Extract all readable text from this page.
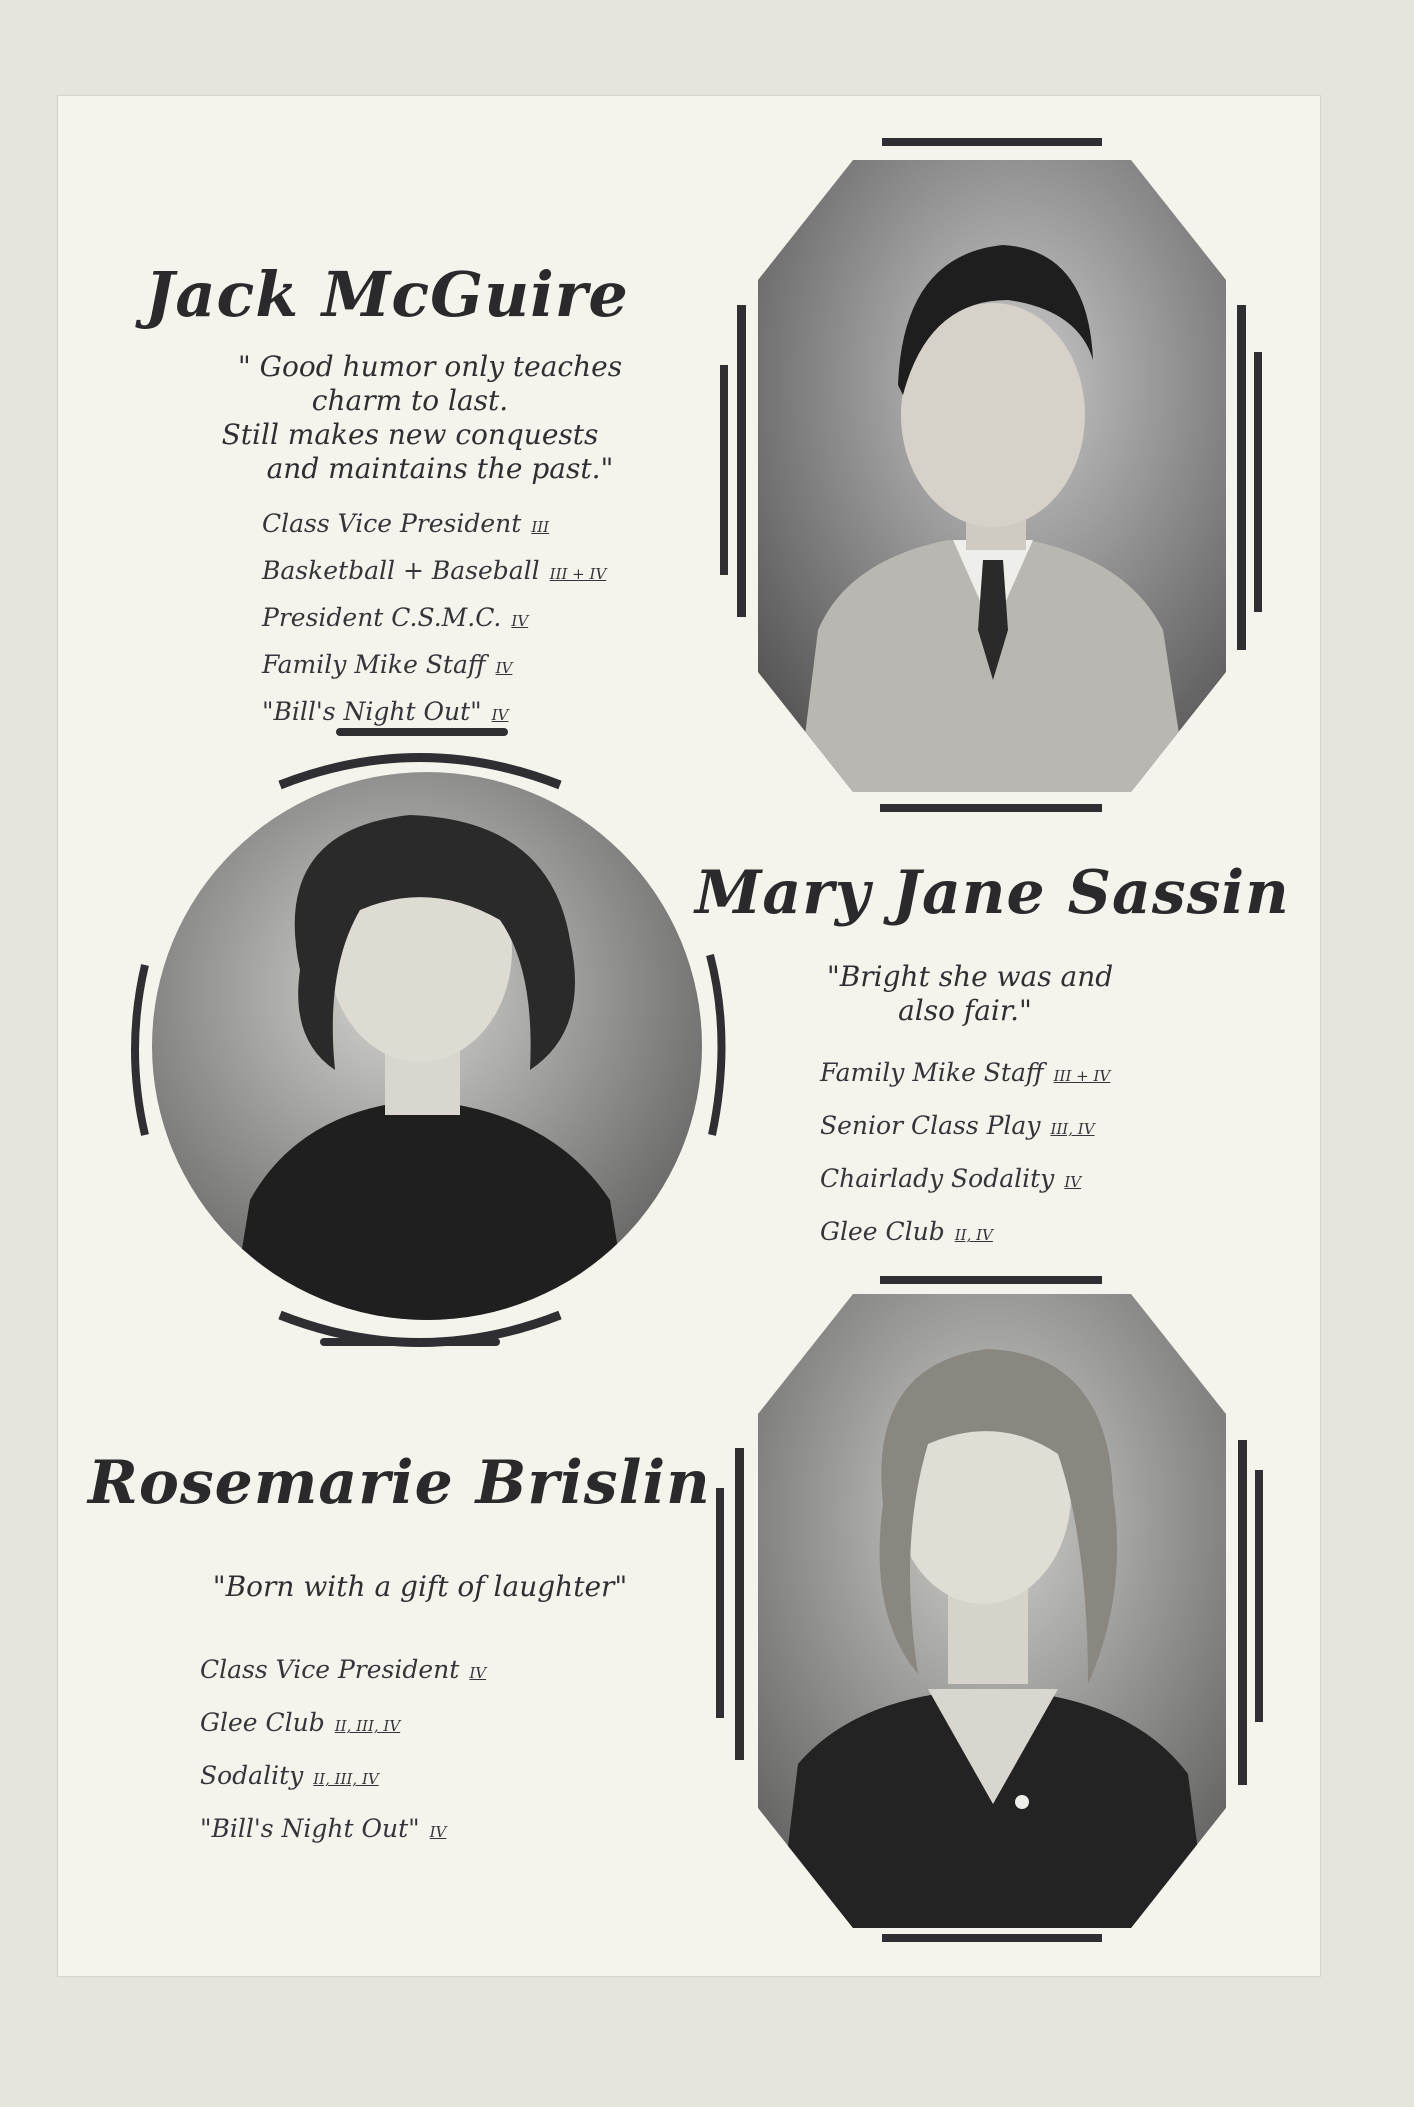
Jack McGuire
" Good humor only teaches
charm to last.
Still makes new conquests
and maintains the past."
Class Vice President III
Basketball + Baseball III + IV
President C.S.M.C. IV
Family Mike Staff IV
"Bill's Night Out" IV
Mary Jane Sassin
"Bright she was and
also fair."
Family Mike Staff III + IV
Senior Class Play III, IV
Chairlady Sodality IV
Glee Club II, IV
Rosemarie Brislin
"Born with a gift of laughter"
Class Vice President IV
Glee Club II, III, IV
Sodality II, III, IV
"Bill's Night Out" IV
